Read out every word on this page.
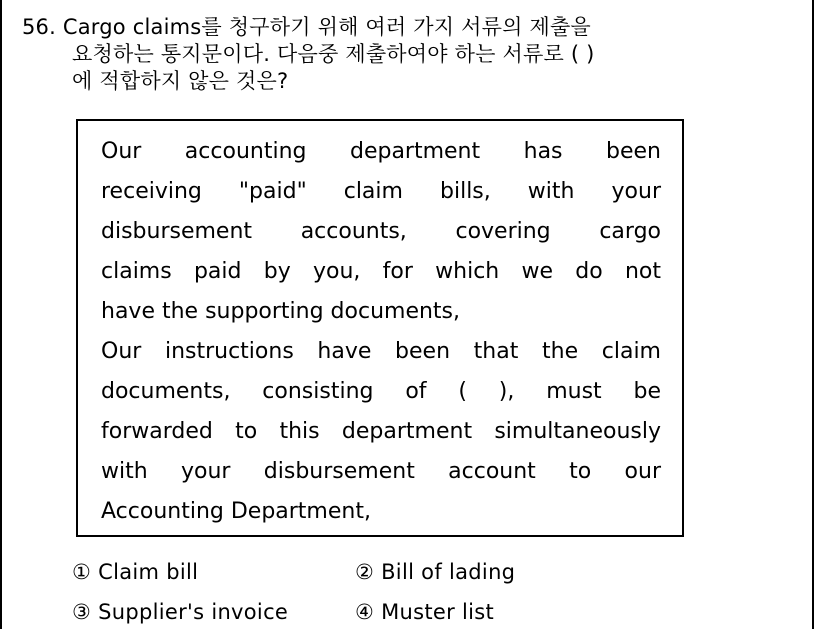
56. Cargo claims를 청구하기 위해 여러 가지 서류의 제출을
요청하는 통지문이다. 다음중 제출하여야 하는 서류로 ( )
에 적합하지 않은 것은?
Our accounting department has been
receiving "paid" claim bills, with your
disbursement accounts, covering cargo
claims paid by you, for which we do not
have the supporting documents,
Our instructions have been that the claim
documents, consisting of ( ), must be
forwarded to this department simultaneously
with your disbursement account to our
Accounting Department,
① Claim bill	② Bill of lading
③ Supplier's invoice	④ Muster list
